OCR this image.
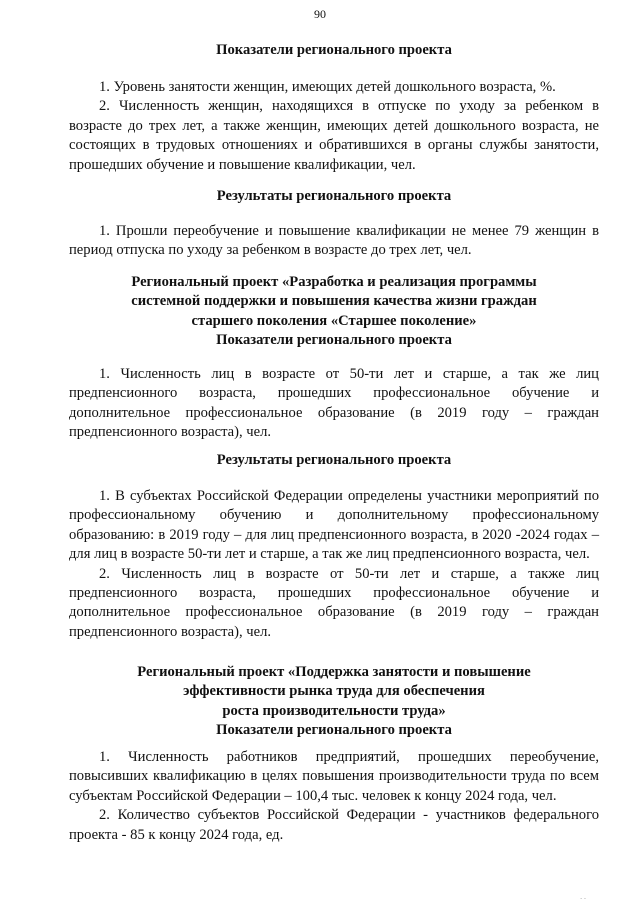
90
Показатели регионального проекта

1. Уровень занятости женщин, имеющих детей дошкольного возраста, %.

2. Численность женщин, находящихся в отпуске по уходу за ребенком в возрасте до трех лет, а также женщин, имеющих детей дошкольного возраста, не состоящих в трудовых отношениях и обратившихся в органы службы занятости, прошедших обучение и повышение квалификации, чел.

Результаты регионального проекта

1. Прошли переобучение и повышение квалификации не менее 79 женщин в период отпуска по уходу за ребенком в возрасте до трех лет, чел.

Региональный проект «Разработка и реализация программы
системной поддержки и повышения качества жизни граждан
старшего поколения «Старшее поколение»
Показатели регионального проекта

1. Численность лиц в возрасте от 50-ти лет и старше, а так же лиц предпенсионного возраста, прошедших профессиональное обучение и дополнительное профессиональное образование (в 2019 году – граждан предпенсионного возраста), чел.

Результаты регионального проекта

1. В субъектах Российской Федерации определены участники мероприятий по профессиональному обучению и дополнительному профессиональному образованию: в 2019 году – для лиц предпенсионного возраста, в 2020 -2024 годах – для лиц в возрасте 50-ти лет и старше, а так же лиц предпенсионного возраста, чел.

2. Численность лиц в возрасте от 50-ти лет и старше, а также лиц предпенсионного возраста, прошедших профессиональное обучение и дополнительное профессиональное образование (в 2019 году – граждан предпенсионного возраста), чел.

Региональный проект «Поддержка занятости и повышение
эффективности рынка труда для обеспечения
роста производительности труда»
Показатели регионального проекта

1. Численность работников предприятий, прошедших переобучение, повысивших квалификацию в целях повышения производительности труда по всем субъектам Российской Федерации – 100,4 тыс. человек к концу 2024 года, чел.

2. Количество субъектов Российской Федерации - участников федерального проекта - 85 к концу 2024 года, ед.

. .
